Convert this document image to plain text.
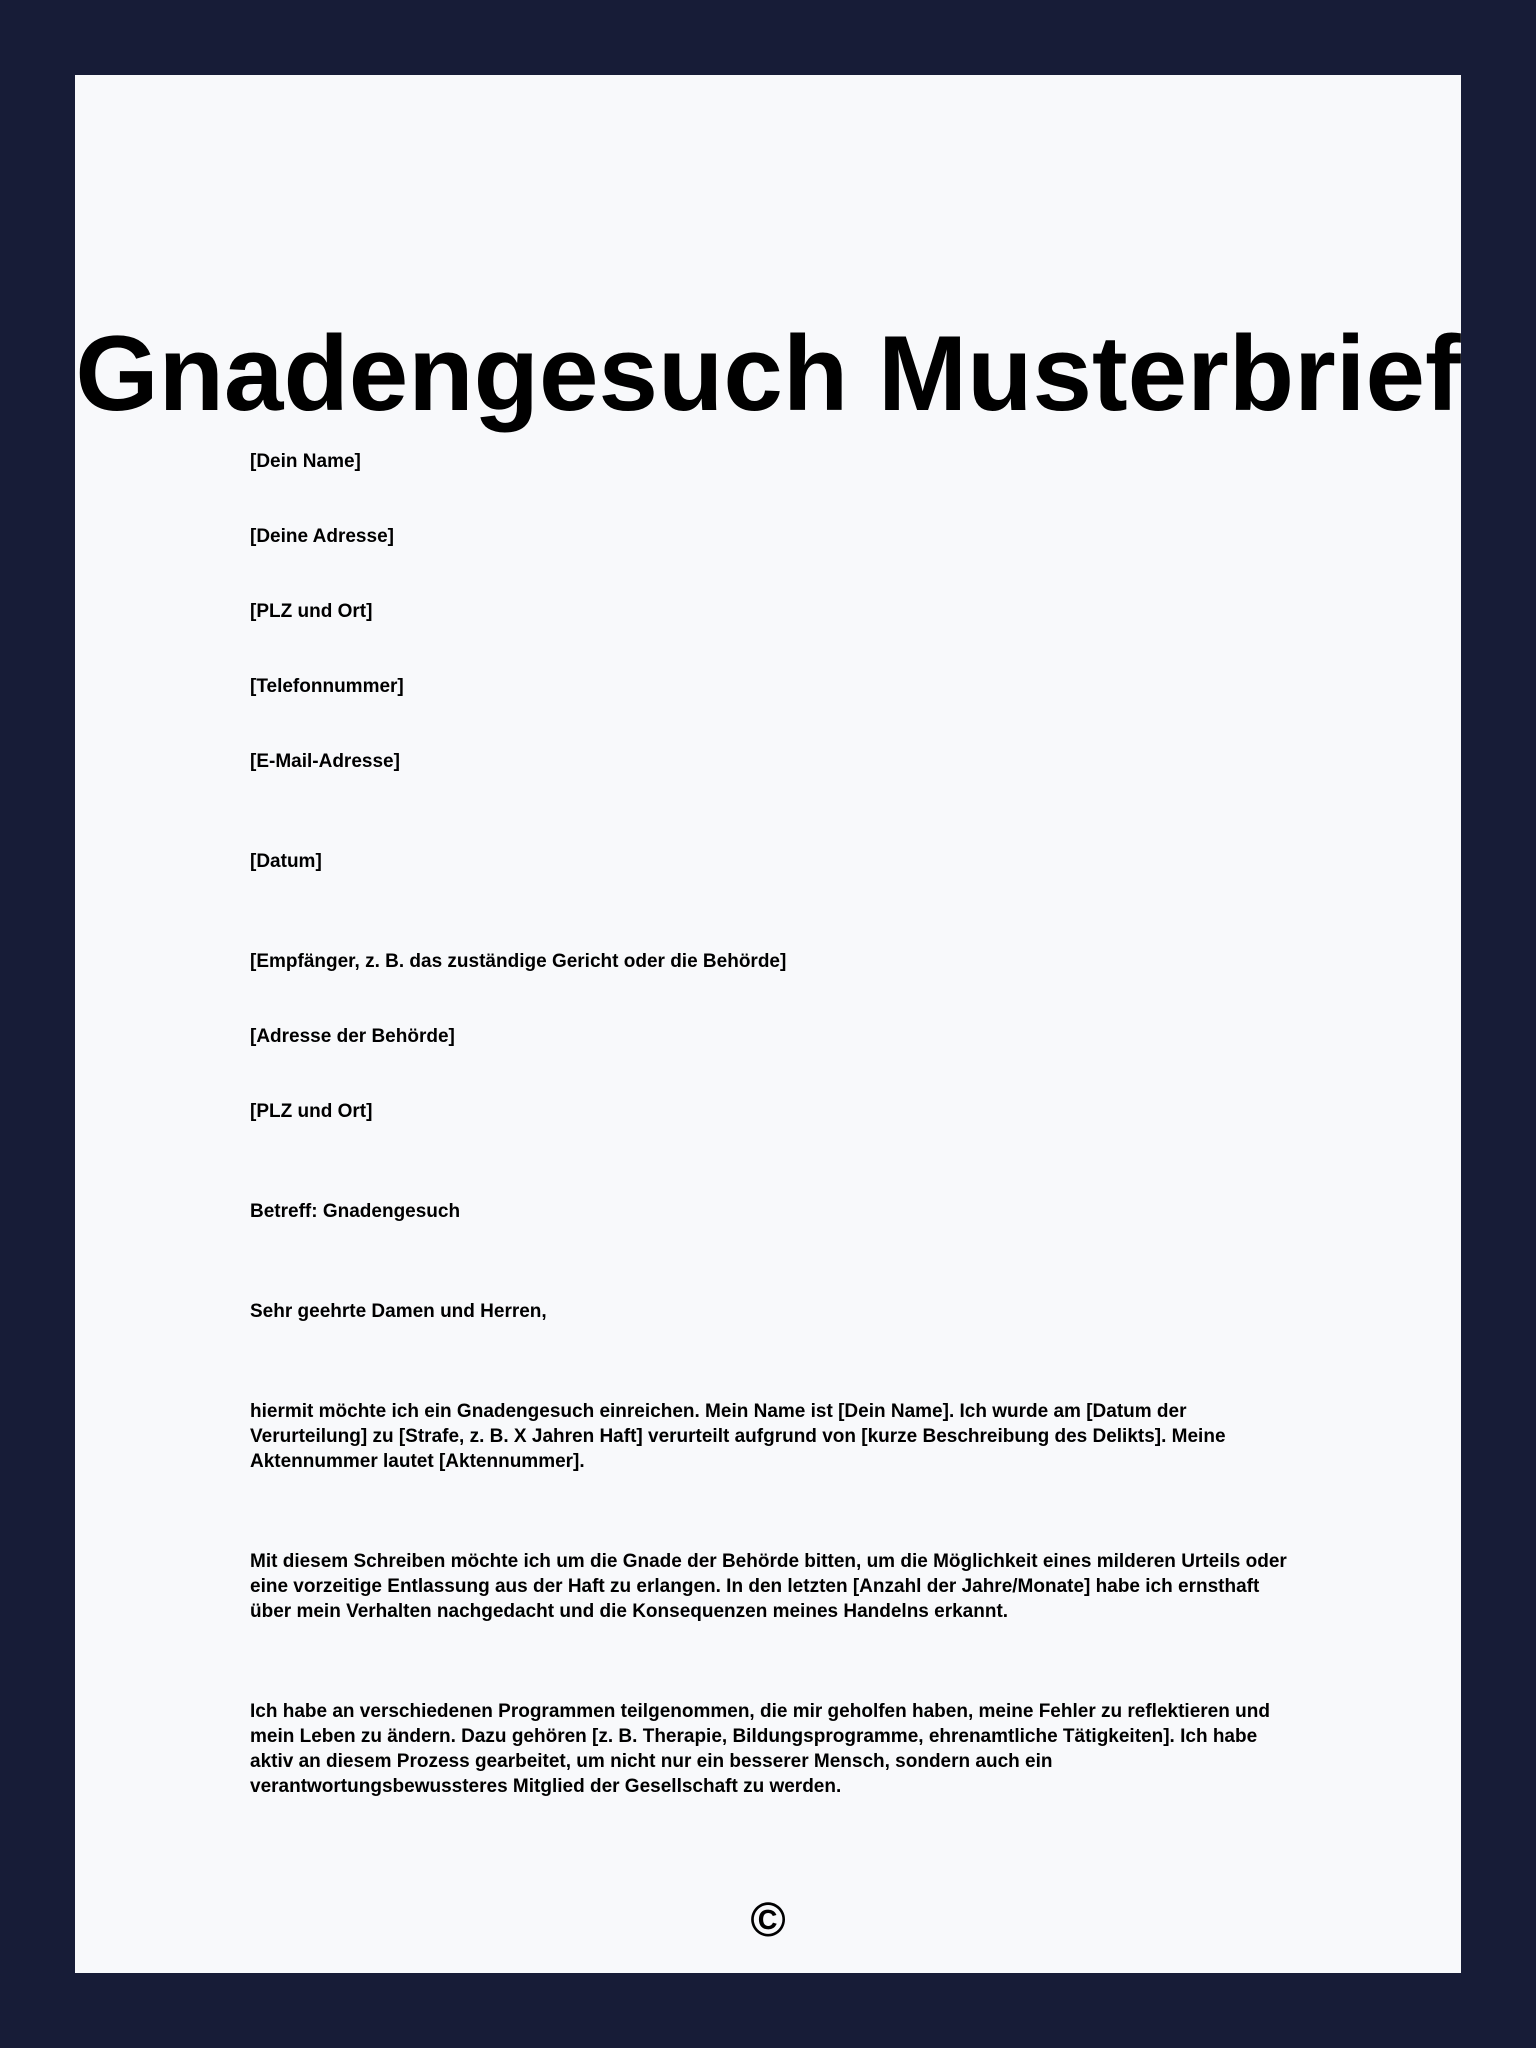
Gnadengesuch Musterbrief

[Dein Name]

[Deine Adresse]

[PLZ und Ort]

[Telefonnummer]

[E-Mail-Adresse]

[Datum]

[Empfänger, z. B. das zuständige Gericht oder die Behörde]

[Adresse der Behörde]

[PLZ und Ort]

Betreff: Gnadengesuch

Sehr geehrte Damen und Herren,

hiermit möchte ich ein Gnadengesuch einreichen. Mein Name ist [Dein Name]. Ich wurde am [Datum der Verurteilung] zu [Strafe, z. B. X Jahren Haft] verurteilt aufgrund von [kurze Beschreibung des Delikts]. Meine Aktennummer lautet [Aktennummer].

Mit diesem Schreiben möchte ich um die Gnade der Behörde bitten, um die Möglichkeit eines milderen Urteils oder eine vorzeitige Entlassung aus der Haft zu erlangen. In den letzten [Anzahl der Jahre/Monate] habe ich ernsthaft über mein Verhalten nachgedacht und die Konsequenzen meines Handelns erkannt.

Ich habe an verschiedenen Programmen teilgenommen, die mir geholfen haben, meine Fehler zu reflektieren und mein Leben zu ändern. Dazu gehören [z. B. Therapie, Bildungsprogramme, ehrenamtliche Tätigkeiten]. Ich habe aktiv an diesem Prozess gearbeitet, um nicht nur ein besserer Mensch, sondern auch ein verantwortungsbewussteres Mitglied der Gesellschaft zu werden.

©
